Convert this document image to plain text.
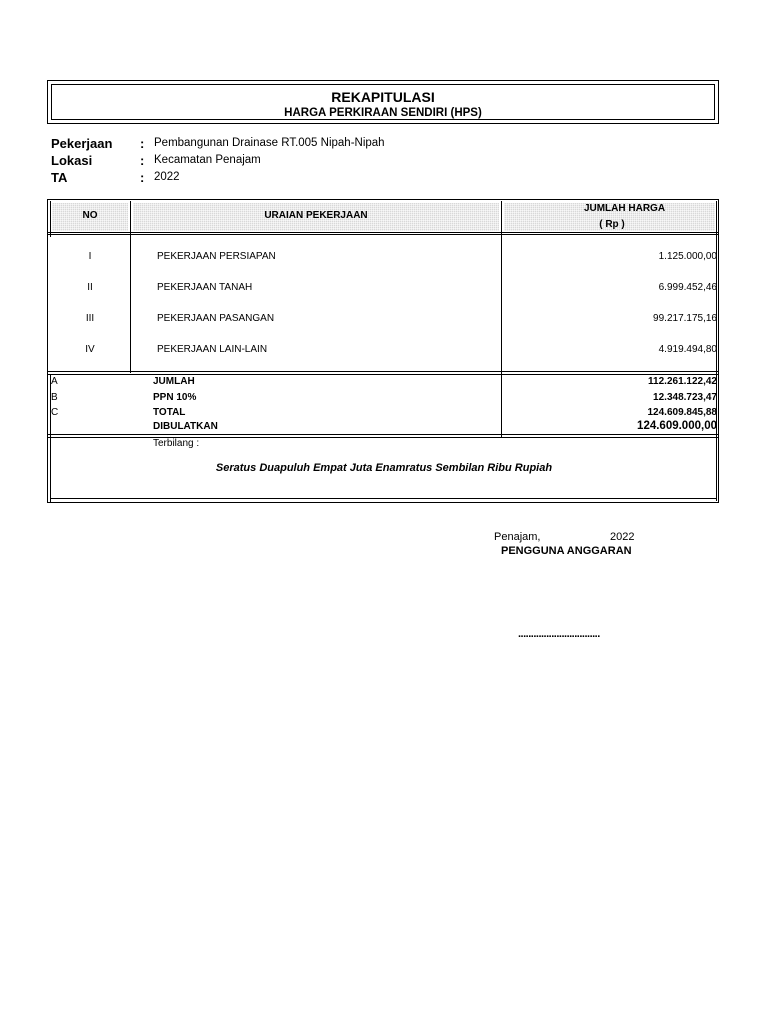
REKAPITULASI
HARGA PERKIRAAN SENDIRI (HPS)
Pekerjaan : Pembangunan Drainase RT.005 Nipah-Nipah
Lokasi	: Kecamatan Penajam
TA	: 2022
NO	URAIAN PEKERJAAN
JUMLAH HARGA
( Rp )
I	PEKERJAAN PERSIAPAN	1.125.000,00
II	PEKERJAAN TANAH	6.999.452,46
III	PEKERJAAN PASANGAN	99.217.175,16
IV	PEKERJAAN LAIN-LAIN	4.919.494,80
A	JUMLAH	112.261.122,42
B	PPN 10%	12.348.723,47
C	TOTAL	124.609.845,88
DIBULATKAN	124.609.000,00
Terbilang :
Seratus Duapuluh Empat Juta Enamratus Sembilan Ribu Rupiah
Penajam,	2022
PENGGUNA ANGGARAN
................................
